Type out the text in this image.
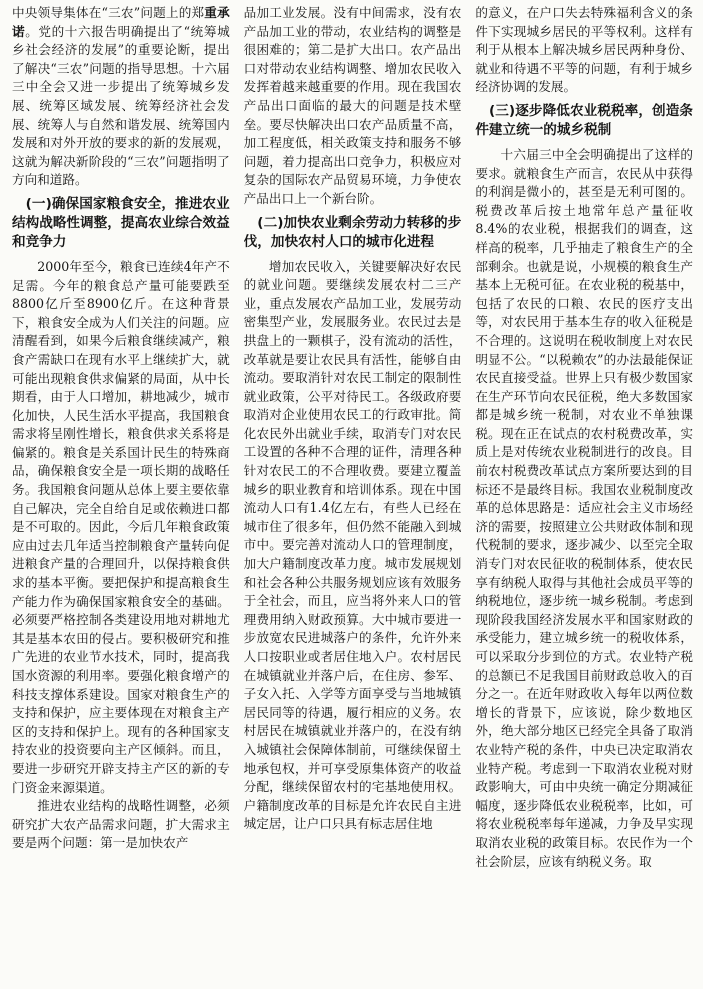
中央领导集体在“三农”问题上的郑重承诺。党的十六报告明确提出了“统筹城乡社会经济的发展”的重要论断，提出了解决“三农”问题的指导思想。十六届三中全会又进一步提出了统筹城乡发展、统筹区域发展、统筹经济社会发展、统筹人与自然和谐发展、统筹国内发展和对外开放的要求的新的发展观，这就为解决新阶段的“三农”问题指明了方向和道路。

(一)确保国家粮食安全，推进农业结构战略性调整，提高农业综合效益和竞争力

2000年至今，粮食已连续4年产不足需。今年的粮食总产量可能要跌至8800亿斤至8900亿斤。在这种背景下，粮食安全成为人们关注的问题。应清醒看到，如果今后粮食继续减产，粮食产需缺口在现有水平上继续扩大，就可能出现粮食供求偏紧的局面，从中长期看，由于人口增加，耕地减少，城市化加快，人民生活水平提高，我国粮食需求将呈刚性增长，粮食供求关系将是偏紧的。粮食是关系国计民生的特殊商品，确保粮食安全是一项长期的战略任务。我国粮食问题从总体上要主要依靠自己解决，完全自给自足或依赖进口都是不可取的。因此，今后几年粮食政策应由过去几年适当控制粮食产量转向促进粮食产量的合理回升，以保持粮食供求的基本平衡。要把保护和提高粮食生产能力作为确保国家粮食安全的基础。必须要严格控制各类建设用地对耕地尤其是基本农田的侵占。要积极研究和推广先进的农业节水技术，同时，提高我国水资源的利用率。要强化粮食增产的科技支撑体系建设。国家对粮食生产的支持和保护，应主要体现在对粮食主产区的支持和保护上。现有的各种国家支持农业的投资要向主产区倾斜。而且，要进一步研究开辟支持主产区的新的专门资金来源渠道。

推进农业结构的战略性调整，必须研究扩大农产品需求问题，扩大需求主要是两个问题：第一是加快农产

品加工业发展。没有中间需求，没有农产品加工业的带动，农业结构的调整是很困难的；第二是扩大出口。农产品出口对带动农业结构调整、增加农民收入发挥着越来越重要的作用。现在我国农产品出口面临的最大的问题是技术壁垒。要尽快解决出口农产品质量不高，加工程度低，相关政策支持和服务不够问题，着力提高出口竞争力，积极应对复杂的国际农产品贸易环境，力争使农产品出口上一个新台阶。

(二)加快农业剩余劳动力转移的步伐，加快农村人口的城市化进程

增加农民收入，关键要解决好农民的就业问题。要继续发展农村二三产业，重点发展农产品加工业，发展劳动密集型产业，发展服务业。农民过去是拱盘上的一颗棋子，没有流动的活性，改革就是要让农民具有活性，能够自由流动。要取消针对农民工制定的限制性就业政策，公平对待民工。各级政府要取消对企业使用农民工的行政审批。简化农民外出就业手续，取消专门对农民工设置的各种不合理的证件，清理各种针对农民工的不合理收费。要建立覆盖城乡的职业教育和培训体系。现在中国流动人口有1.4亿左右，有些人已经在城市住了很多年，但仍然不能融入到城市中。要完善对流动人口的管理制度，加大户籍制度改革力度。城市发展规划和社会各种公共服务规划应该有效服务于全社会，而且，应当将外来人口的管理费用纳入财政预算。大中城市要进一步放宽农民进城落户的条件，允许外来人口按职业或者居住地入户。农村居民在城镇就业并落户后，在住房、参军、子女入托、入学等方面享受与当地城镇居民同等的待遇，履行相应的义务。农村居民在城镇就业并落户的，在没有纳入城镇社会保障体制前，可继续保留土地承包权，并可享受原集体资产的收益分配，继续保留农村的宅基地使用权。户籍制度改革的目标是允许农民自主进城定居，让户口只具有标志居住地

的意义，在户口失去特殊福利含义的条件下实现城乡居民的平等权利。这样有利于从根本上解决城乡居民两种身份、就业和待遇不平等的问题，有利于城乡经济协调的发展。

(三)逐步降低农业税税率，创造条件建立统一的城乡税制

十六届三中全会明确提出了这样的要求。就粮食生产而言，农民从中获得的利润是微小的，甚至是无利可图的。税费改革后按土地常年总产量征收8.4%的农业税，根据我们的调查，这样高的税率，几乎抽走了粮食生产的全部剩余。也就是说，小规模的粮食生产基本上无税可征。在农业税的税基中，包括了农民的口粮、农民的医疗支出等，对农民用于基本生存的收入征税是不合理的。这说明在税收制度上对农民明显不公。“以税赖农”的办法最能保证农民直接受益。世界上只有极少数国家在生产环节向农民征税，绝大多数国家都是城乡统一税制，对农业不单独课税。现在正在试点的农村税费改革，实质上是对传统农业税制进行的改良。目前农村税费改革试点方案所要达到的目标还不是最终目标。我国农业税制度改革的总体思路是：适应社会主义市场经济的需要，按照建立公共财政体制和现代税制的要求，逐步减少、以至完全取消专门对农民征收的税制体系，使农民享有纳税人取得与其他社会成员平等的纳税地位，逐步统一城乡税制。考虑到现阶段我国经济发展水平和国家财政的承受能力，建立城乡统一的税收体系，可以采取分步到位的方式。农业特产税的总额已不足我国目前财政总收入的百分之一。在近年财政收入每年以两位数增长的背景下，应该说，除少数地区外，绝大部分地区已经完全具备了取消农业特产税的条件，中央已决定取消农业特产税。考虑到一下取消农业税对财政影响大，可由中央统一确定分期减征幅度，逐步降低农业税税率，比如，可将农业税税率每年递减，力争及早实现取消农业税的政策目标。农民作为一个社会阶层，应该有纳税义务。取
